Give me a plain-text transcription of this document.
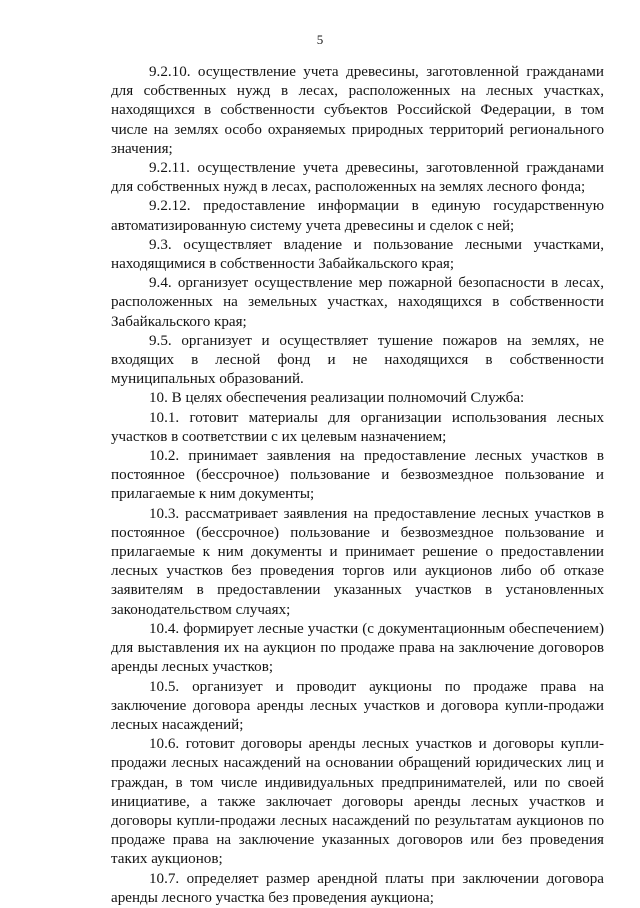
5

9.2.10. осуществление учета древесины, заготовленной гражданами для собственных нужд в лесах, расположенных на лесных участках, находящихся в собственности субъектов Российской Федерации, в том числе на землях особо охраняемых природных территорий регионального значения;

9.2.11. осуществление учета древесины, заготовленной гражданами для собственных нужд в лесах, расположенных на землях лесного фонда;

9.2.12. предоставление информации в единую государственную автоматизированную систему учета древесины и сделок с ней;

9.3. осуществляет владение и пользование лесными участками, находящимися в собственности Забайкальского края;

9.4. организует осуществление мер пожарной безопасности в лесах, расположенных на земельных участках, находящихся в собственности Забайкальского края;

9.5. организует и осуществляет тушение пожаров на землях, не входящих в лесной фонд и не находящихся в собственности муниципальных образований.

10. В целях обеспечения реализации полномочий Служба:

10.1. готовит материалы для организации использования лесных участков в соответствии с их целевым назначением;

10.2. принимает заявления на предоставление лесных участков в постоянное (бессрочное) пользование и безвозмездное пользование и прилагаемые к ним документы;

10.3. рассматривает заявления на предоставление лесных участков в постоянное (бессрочное) пользование и безвозмездное пользование и прилагаемые к ним документы и принимает решение о предоставлении лесных участков без проведения торгов или аукционов либо об отказе заявителям в предоставлении указанных участков в установленных законодательством случаях;

10.4. формирует лесные участки (с документационным обеспечением) для выставления их на аукцион по продаже права на заключение договоров аренды лесных участков;

10.5. организует и проводит аукционы по продаже права на заключение договора аренды лесных участков и договора купли-продажи лесных насаждений;

10.6. готовит договоры аренды лесных участков и договоры купли-продажи лесных насаждений на основании обращений юридических лиц и граждан, в том числе индивидуальных предпринимателей, или по своей инициативе, а также заключает договоры аренды лесных участков и договоры купли-продажи лесных насаждений по результатам аукционов по продаже права на заключение указанных договоров или без проведения таких аукционов;

10.7. определяет размер арендной платы при заключении договора аренды лесного участка без проведения аукциона;
